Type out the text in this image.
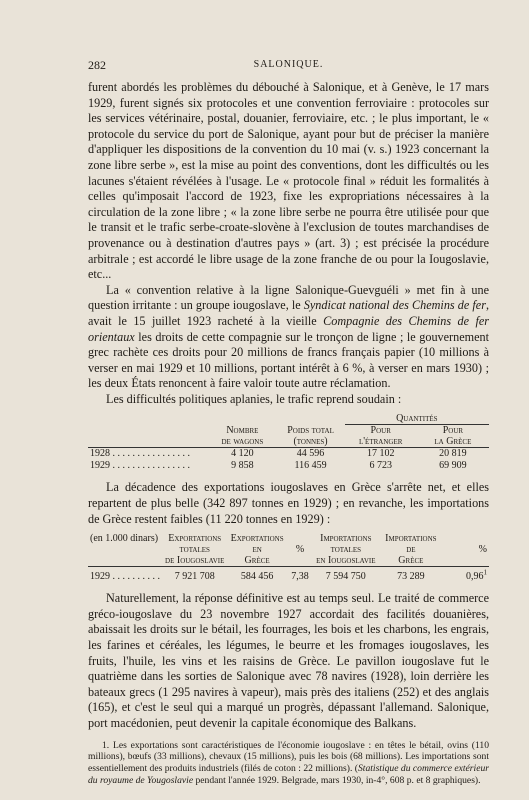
282	SALONIQUE.

furent abordés les problèmes du débouché à Salonique, et à Genève, le 17 mars 1929, furent signés six protocoles et une convention ferroviaire : protocoles sur les services vétérinaire, postal, douanier, ferroviaire, etc. ; le plus important, le « protocole du service du port de Salonique, ayant pour but de préciser la manière d'appliquer les dispositions de la convention du 10 mai (v. s.) 1923 concernant la zone libre serbe », est la mise au point des conventions, dont les difficultés ou les lacunes s'étaient révélées à l'usage. Le « protocole final » réduit les formalités à celles qu'imposait l'accord de 1923, fixe les expropriations nécessaires à la circulation de la zone libre ; « la zone libre serbe ne pourra être utilisée pour que le transit et le trafic serbe-croate-slovène à l'exclusion de toutes marchandises de provenance ou à destination d'autres pays » (art. 3) ; est précisée la procédure arbitrale ; est accordé le libre usage de la zone franche de ou pour la Iougoslavie, etc...

La « convention relative à la ligne Salonique-Guevguéli » met fin à une question irritante : un groupe iougoslave, le Syndicat national des Chemins de fer, avait le 15 juillet 1923 racheté à la vieille Compagnie des Chemins de fer orientaux les droits de cette compagnie sur le tronçon de ligne ; le gouvernement grec rachète ces droits pour 20 millions de francs français papier (10 millions à verser en mai 1929 et 10 millions, portant intérêt à 6 %, à verser en mars 1930) ; les deux États renoncent à faire valoir toute autre réclamation.

Les difficultés politiques aplanies, le trafic reprend soudain :

			Quantités	
	Nombre
de wagons	Poids total
(tonnes)	Pour
l'étranger	Pour
la Grèce
1928 . . . . . . . . . . . . . . . .	4 120	44 596	17 102	20 819
1929 . . . . . . . . . . . . . . . .	9 858	116 459	6 723	69 909

La décadence des exportations iougoslaves en Grèce s'arrête net, et elles repartent de plus belle (342 897 tonnes en 1929) ; en revanche, les importations de Grèce restent faibles (11 220 tonnes en 1929) :

(en 1.000 dinars)	Exportations
totales
de Iougoslavie	Exportations
en
Grèce	%	Importations
totales
en Iougoslavie	Importations
de
Grèce	%
1929 . . . . . . . . . .	7 921 708	584 456	7,38	7 594 750	73 289	0,96$^1$

Naturellement, la réponse définitive est au temps seul. Le traité de commerce gréco-iougoslave du 23 novembre 1927 accordait des facilités douanières, abaissait les droits sur le bétail, les fourrages, les bois et les charbons, les engrais, les farines et céréales, les légumes, le beurre et les fromages iougoslaves, les fruits, l'huile, les vins et les raisins de Grèce. Le pavillon iougoslave fut le quatrième dans les sorties de Salonique avec 78 navires (1928), loin derrière les bateaux grecs (1 295 navires à vapeur), mais près des italiens (252) et des anglais (165), et c'est le seul qui a marqué un progrès, dépassant l'allemand. Salonique, port macédonien, peut devenir la capitale économique des Balkans.

1. Les exportations sont caractéristiques de l'économie iougoslave : en têtes le bétail, ovins (110 millions), bœufs (33 millions), chevaux (15 millions), puis les bois (68 millions). Les importations sont essentiellement des produits industriels (filés de coton : 22 millions). (Statistique du commerce extérieur du royaume de Yougoslavie pendant l'année 1929. Belgrade, mars 1930, in-4°, 608 p. et 8 graphiques).
